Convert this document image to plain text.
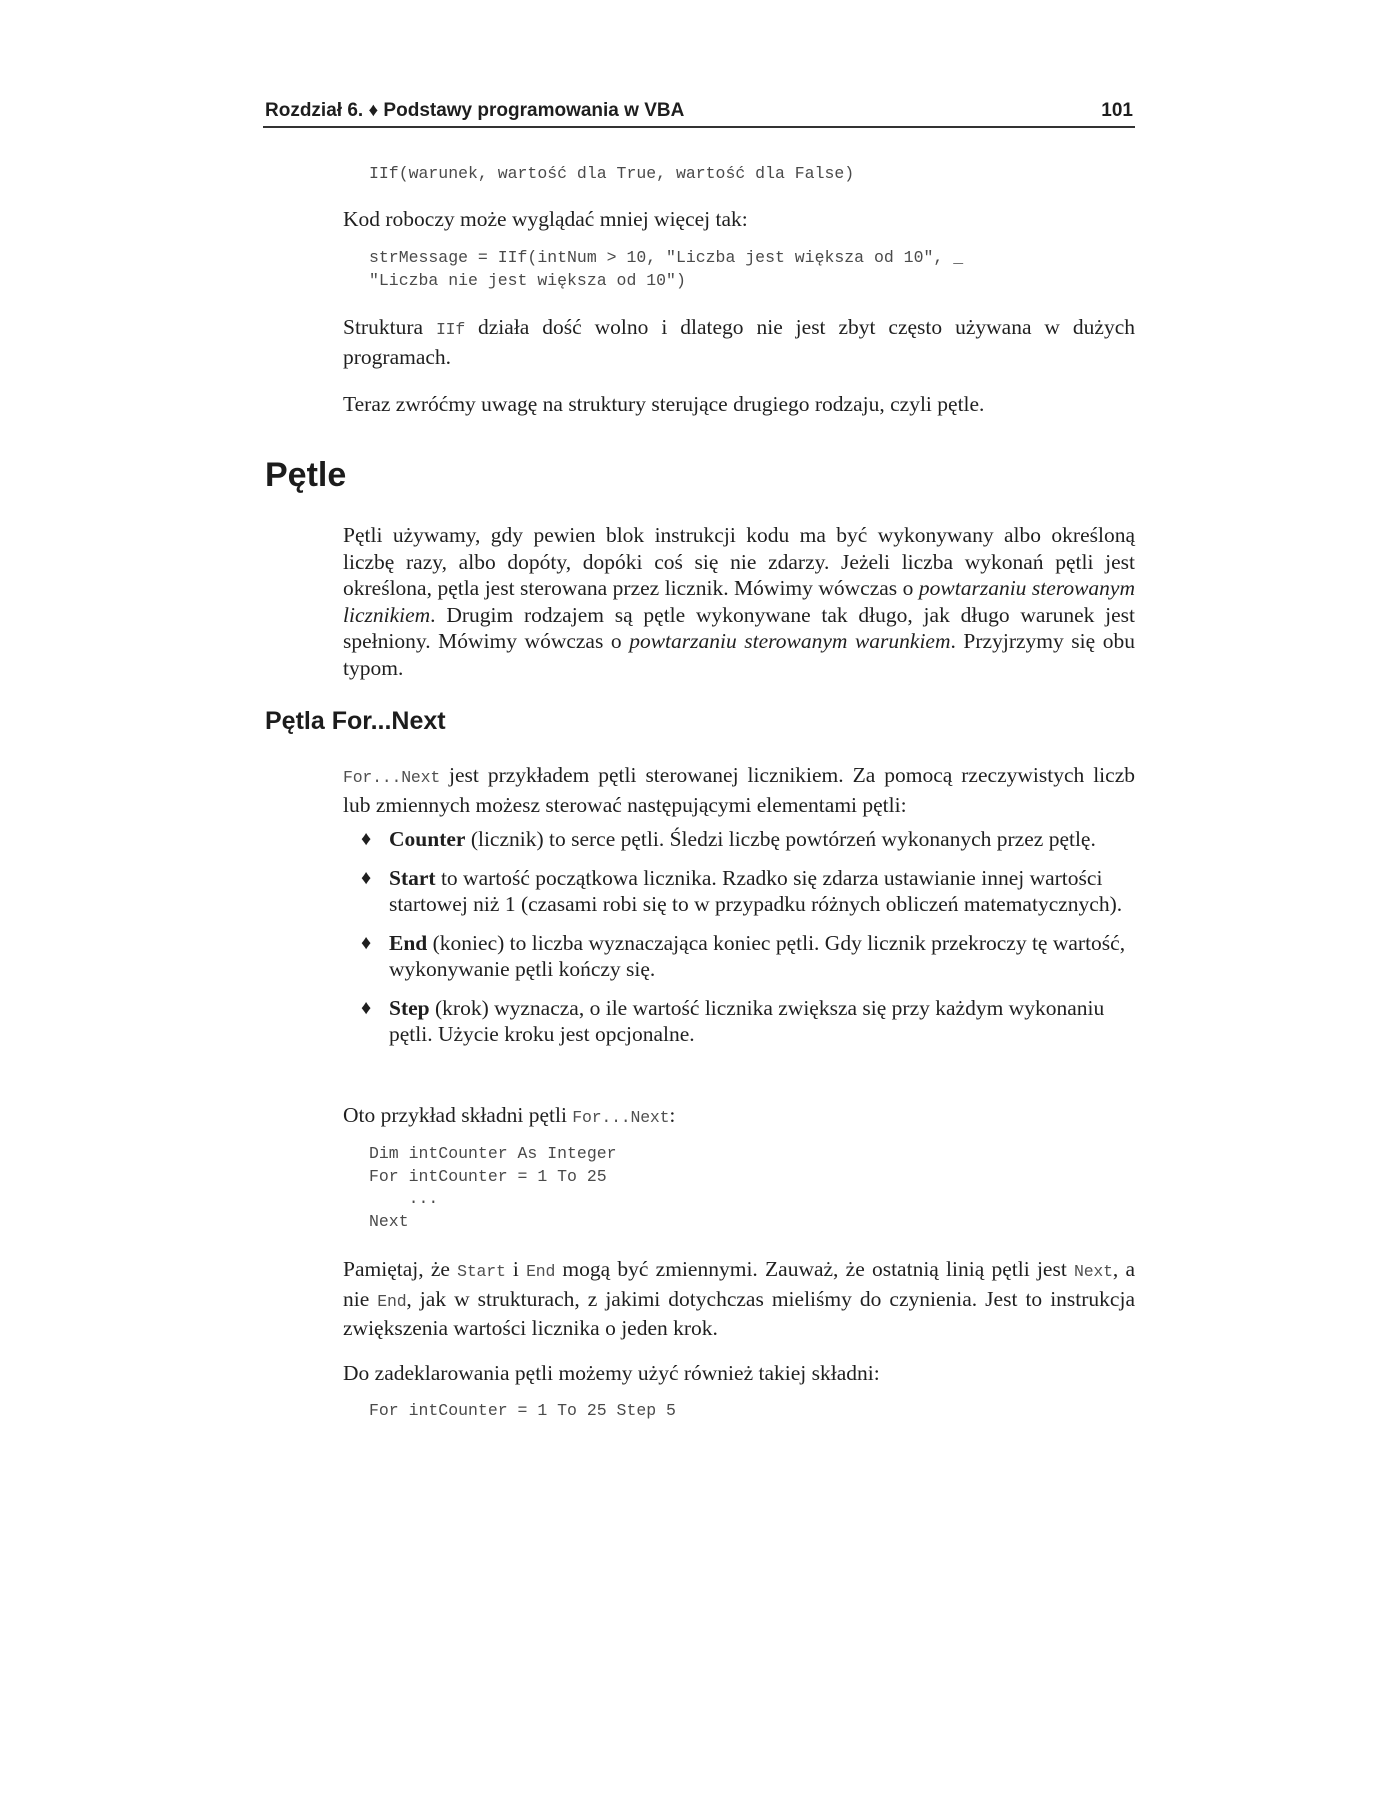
Rozdział 6. ♦ Podstawy programowania w VBA	101
IIf(warunek, wartość dla True, wartość dla False)

Kod roboczy może wyglądać mniej więcej tak:

strMessage = IIf(intNum > 10, "Liczba jest większa od 10", _
"Liczba nie jest większa od 10")

Struktura IIf działa dość wolno i dlatego nie jest zbyt często używana w dużych programach.

Teraz zwróćmy uwagę na struktury sterujące drugiego rodzaju, czyli pętle.

Pętle

Pętli używamy, gdy pewien blok instrukcji kodu ma być wykonywany albo określoną liczbę razy, albo dopóty, dopóki coś się nie zdarzy. Jeżeli liczba wykonań pętli jest określona, pętla jest sterowana przez licznik. Mówimy wówczas o powtarzaniu sterowanym licznikiem. Drugim rodzajem są pętle wykonywane tak długo, jak długo warunek jest spełniony. Mówimy wówczas o powtarzaniu sterowanym warunkiem. Przyjrzymy się obu typom.

Pętla For...Next

For...Next jest przykładem pętli sterowanej licznikiem. Za pomocą rzeczywistych liczb lub zmiennych możesz sterować następującymi elementami pętli:

♦ Counter (licznik) to serce pętli. Śledzi liczbę powtórzeń wykonanych przez pętlę.
♦ Start to wartość początkowa licznika. Rzadko się zdarza ustawianie innej wartości startowej niż 1 (czasami robi się to w przypadku różnych obliczeń matematycznych).
♦ End (koniec) to liczba wyznaczająca koniec pętli. Gdy licznik przekroczy tę wartość, wykonywanie pętli kończy się.
♦ Step (krok) wyznacza, o ile wartość licznika zwiększa się przy każdym wykonaniu pętli. Użycie kroku jest opcjonalne.

Oto przykład składni pętli For...Next:

Dim intCounter As Integer
For intCounter = 1 To 25
...
Next

Pamiętaj, że Start i End mogą być zmiennymi. Zauważ, że ostatnią linią pętli jest Next, a nie End, jak w strukturach, z jakimi dotychczas mieliśmy do czynienia. Jest to instrukcja zwiększenia wartości licznika o jeden krok.

Do zadeklarowania pętli możemy użyć również takiej składni:

For intCounter = 1 To 25 Step 5
